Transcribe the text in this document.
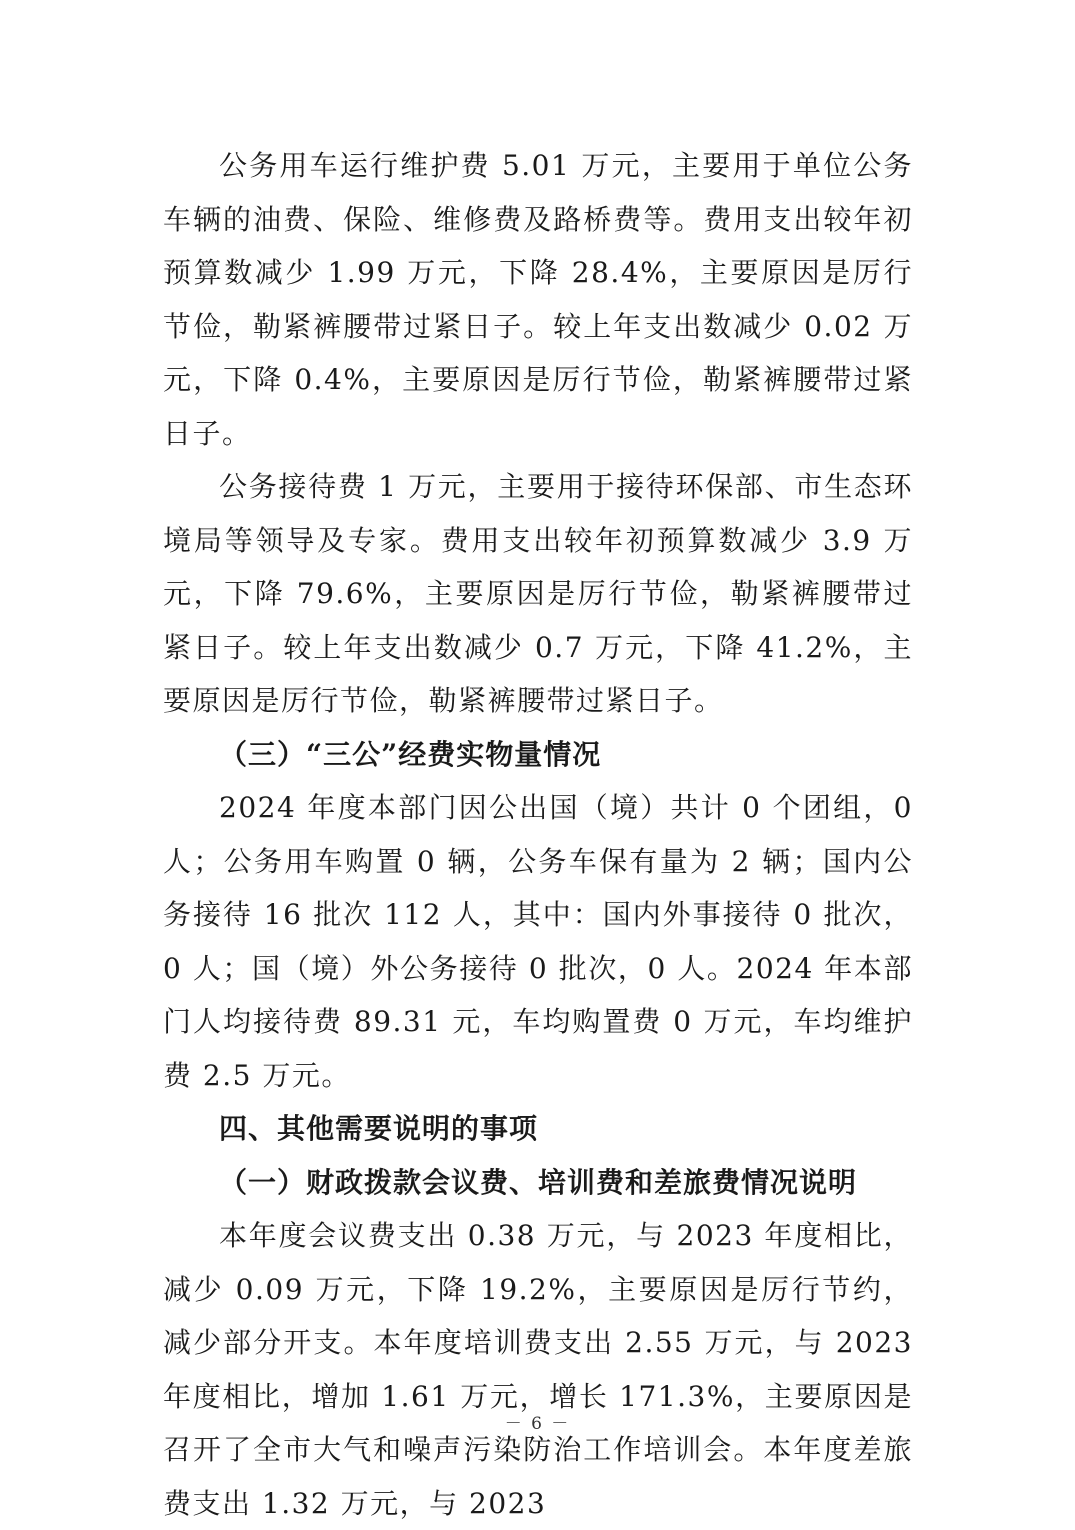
公务用车运行维护费 5.01 万元，主要用于单位公务车辆的油费、保险、维修费及路桥费等。费用支出较年初预算数减少 1.99 万元，下降 28.4%，主要原因是厉行节俭，勒紧裤腰带过紧日子。较上年支出数减少 0.02 万元，下降 0.4%，主要原因是厉行节俭，勒紧裤腰带过紧日子。

公务接待费 1 万元，主要用于接待环保部、市生态环境局等领导及专家。费用支出较年初预算数减少 3.9 万元，下降 79.6%，主要原因是厉行节俭，勒紧裤腰带过紧日子。较上年支出数减少 0.7 万元，下降 41.2%，主要原因是厉行节俭，勒紧裤腰带过紧日子。

（三）“三公”经费实物量情况

2024 年度本部门因公出国（境）共计 0 个团组，0 人；公务用车购置 0 辆，公务车保有量为 2 辆；国内公务接待 16 批次 112 人，其中：国内外事接待 0 批次，0 人；国（境）外公务接待 0 批次，0 人。2024 年本部门人均接待费 89.31 元，车均购置费 0 万元，车均维护费 2.5 万元。

四、其他需要说明的事项

（一）财政拨款会议费、培训费和差旅费情况说明

本年度会议费支出 0.38 万元，与 2023 年度相比，减少 0.09 万元，下降 19.2%，主要原因是厉行节约，减少部分开支。本年度培训费支出 2.55 万元，与 2023 年度相比，增加 1.61 万元，增长 171.3%，主要原因是召开了全市大气和噪声污染防治工作培训会。本年度差旅费支出 1.32 万元，与 2023

－ 6 －
